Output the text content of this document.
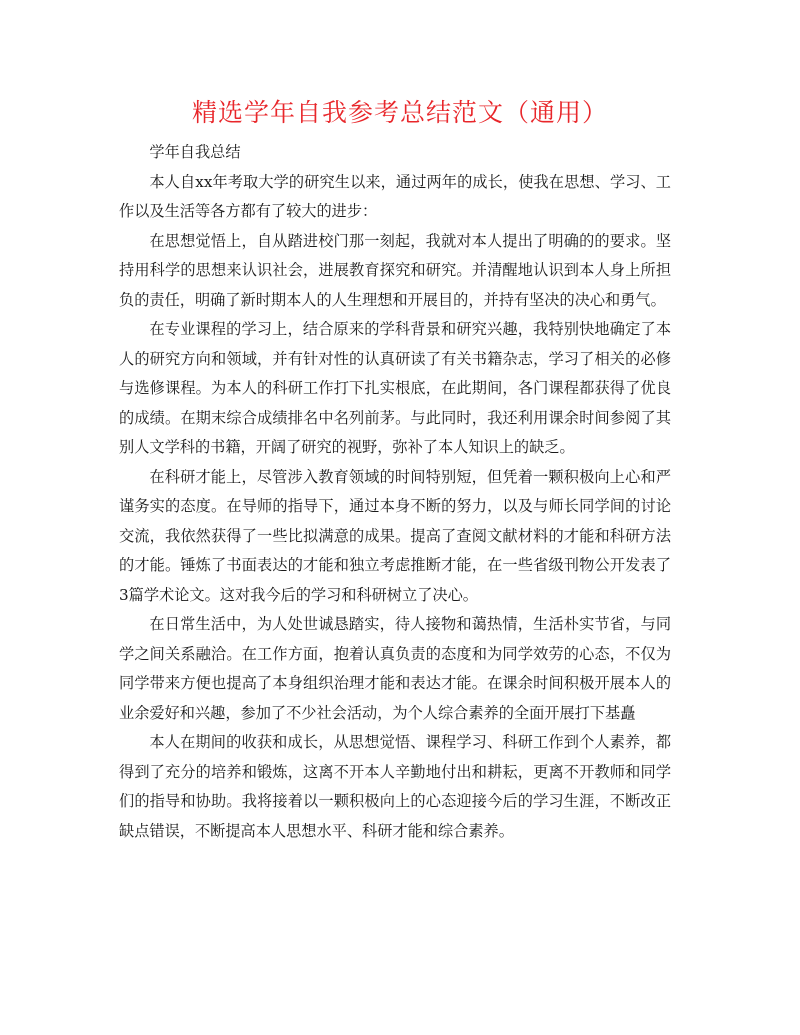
精选学年自我参考总结范文（通用）

学年自我总结

本人自xx年考取大学的研究生以来，通过两年的成长，使我在思想、学习、工作以及生活等各方都有了较大的进步：

在思想觉悟上，自从踏进校门那一刻起，我就对本人提出了明确的的要求。坚持用科学的思想来认识社会，进展教育探究和研究。并清醒地认识到本人身上所担负的责任，明确了新时期本人的人生理想和开展目的，并持有坚决的决心和勇气。

在专业课程的学习上，结合原来的学科背景和研究兴趣，我特别快地确定了本人的研究方向和领域，并有针对性的认真研读了有关书籍杂志，学习了相关的必修与选修课程。为本人的科研工作打下扎实根底，在此期间，各门课程都获得了优良的成绩。在期末综合成绩排名中名列前茅。与此同时，我还利用课余时间参阅了其别人文学科的书籍，开阔了研究的视野，弥补了本人知识上的缺乏。

在科研才能上，尽管涉入教育领域的时间特别短，但凭着一颗积极向上心和严谨务实的态度。在导师的指导下，通过本身不断的努力，以及与师长同学间的讨论交流，我依然获得了一些比拟满意的成果。提高了查阅文献材料的才能和科研方法的才能。锤炼了书面表达的才能和独立考虑推断才能，在一些省级刊物公开发表了3篇学术论文。这对我今后的学习和科研树立了决心。

在日常生活中，为人处世诚恳踏实，待人接物和蔼热情，生活朴实节省，与同学之间关系融洽。在工作方面，抱着认真负责的态度和为同学效劳的心态，不仅为同学带来方便也提高了本身组织治理才能和表达才能。在课余时间积极开展本人的业余爱好和兴趣，参加了不少社会活动，为个人综合素养的全面开展打下基矗

本人在期间的收获和成长，从思想觉悟、课程学习、科研工作到个人素养，都得到了充分的培养和锻炼，这离不开本人辛勤地付出和耕耘，更离不开教师和同学们的指导和协助。我将接着以一颗积极向上的心态迎接今后的学习生涯，不断改正缺点错误，不断提高本人思想水平、科研才能和综合素养。
